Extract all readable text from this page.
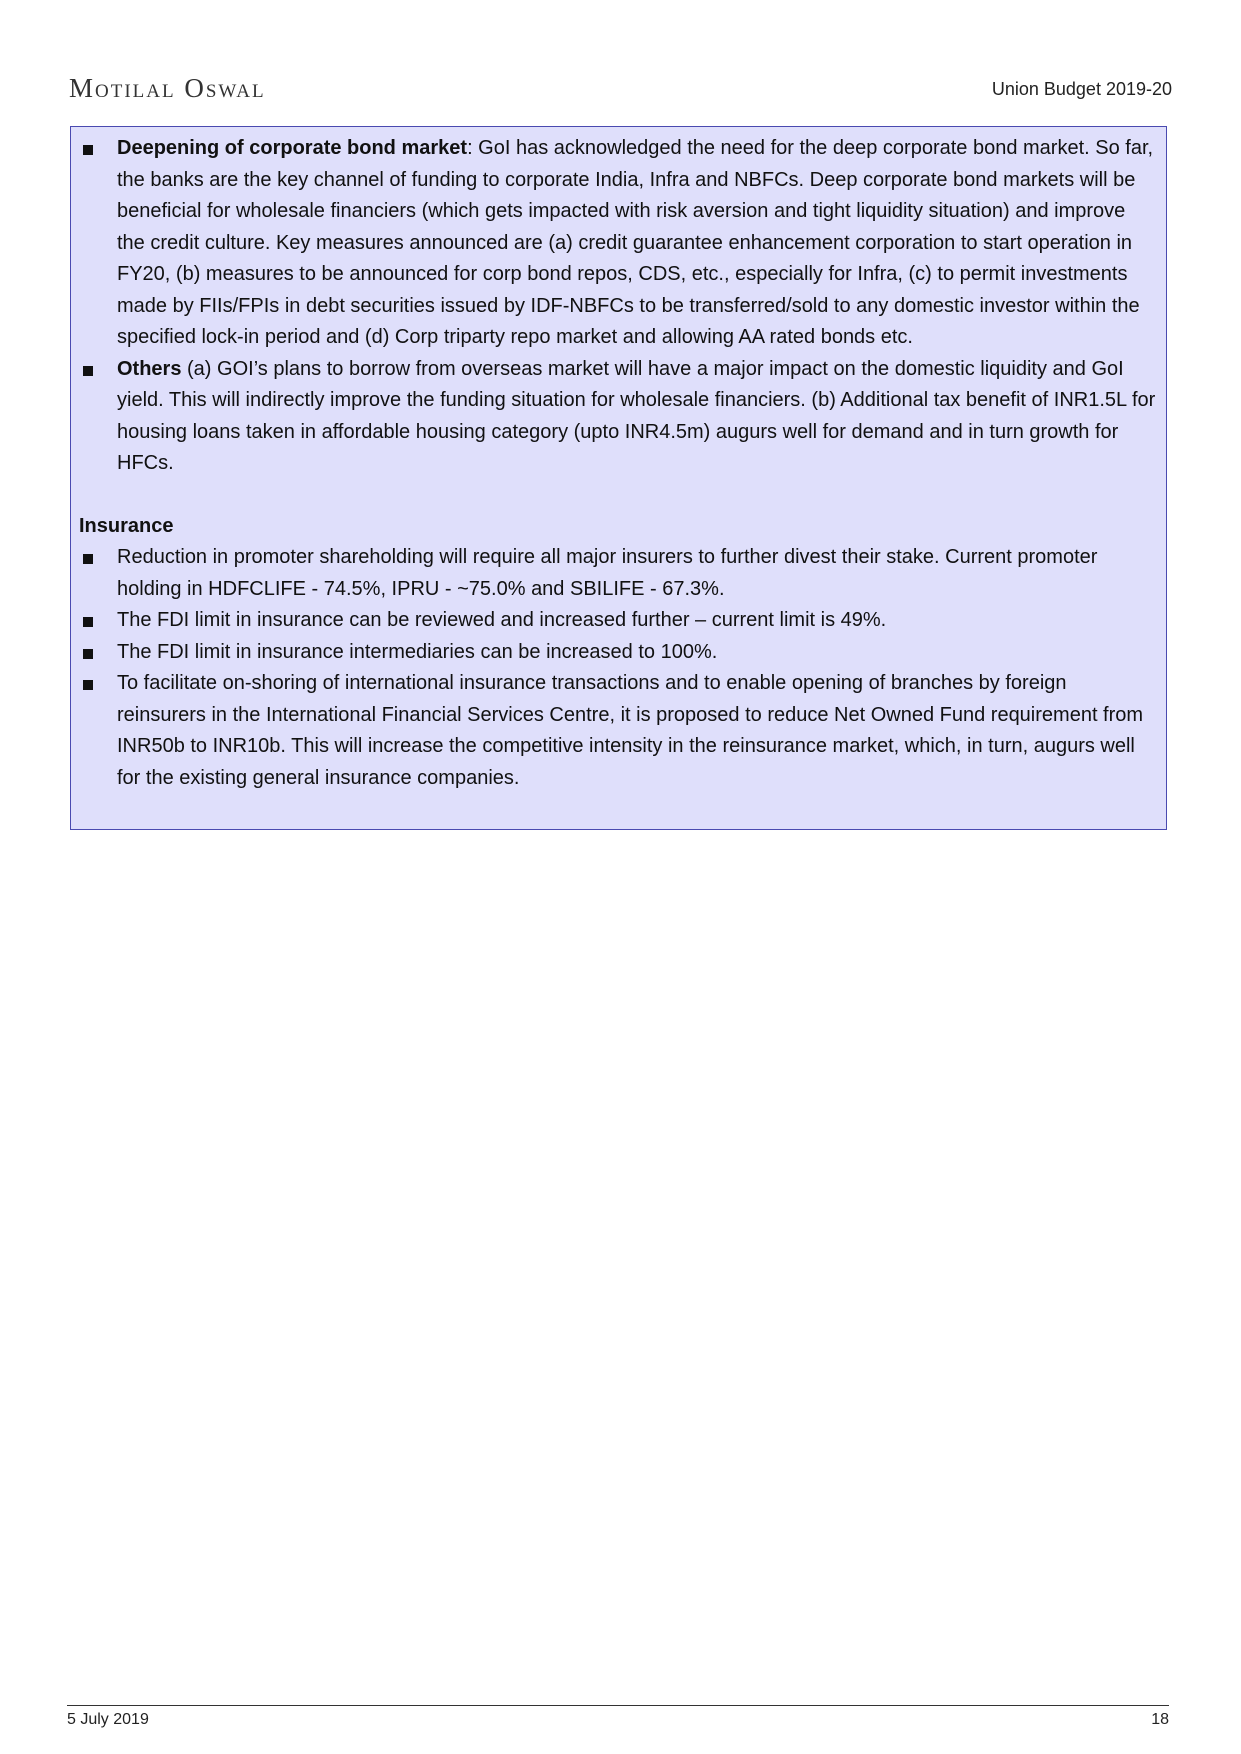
Motilal Oswal	Union Budget 2019-20
Deepening of corporate bond market: GoI has acknowledged the need for the deep corporate bond market. So far, the banks are the key channel of funding to corporate India, Infra and NBFCs. Deep corporate bond markets will be beneficial for wholesale financiers (which gets impacted with risk aversion and tight liquidity situation) and improve the credit culture. Key measures announced are (a) credit guarantee enhancement corporation to start operation in FY20, (b) measures to be announced for corp bond repos, CDS, etc., especially for Infra, (c) to permit investments made by FIIs/FPIs in debt securities issued by IDF-NBFCs to be transferred/sold to any domestic investor within the specified lock-in period and (d) Corp triparty repo market and allowing AA rated bonds etc.
Others (a) GOI’s plans to borrow from overseas market will have a major impact on the domestic liquidity and GoI yield. This will indirectly improve the funding situation for wholesale financiers. (b) Additional tax benefit of INR1.5L for housing loans taken in affordable housing category (upto INR4.5m) augurs well for demand and in turn growth for HFCs.
Insurance
Reduction in promoter shareholding will require all major insurers to further divest their stake. Current promoter holding in HDFCLIFE - 74.5%, IPRU - ~75.0% and SBILIFE - 67.3%.
The FDI limit in insurance can be reviewed and increased further – current limit is 49%.
The FDI limit in insurance intermediaries can be increased to 100%.
To facilitate on-shoring of international insurance transactions and to enable opening of branches by foreign reinsurers in the International Financial Services Centre, it is proposed to reduce Net Owned Fund requirement from INR50b to INR10b. This will increase the competitive intensity in the reinsurance market, which, in turn, augurs well for the existing general insurance companies.
5 July 2019	18
